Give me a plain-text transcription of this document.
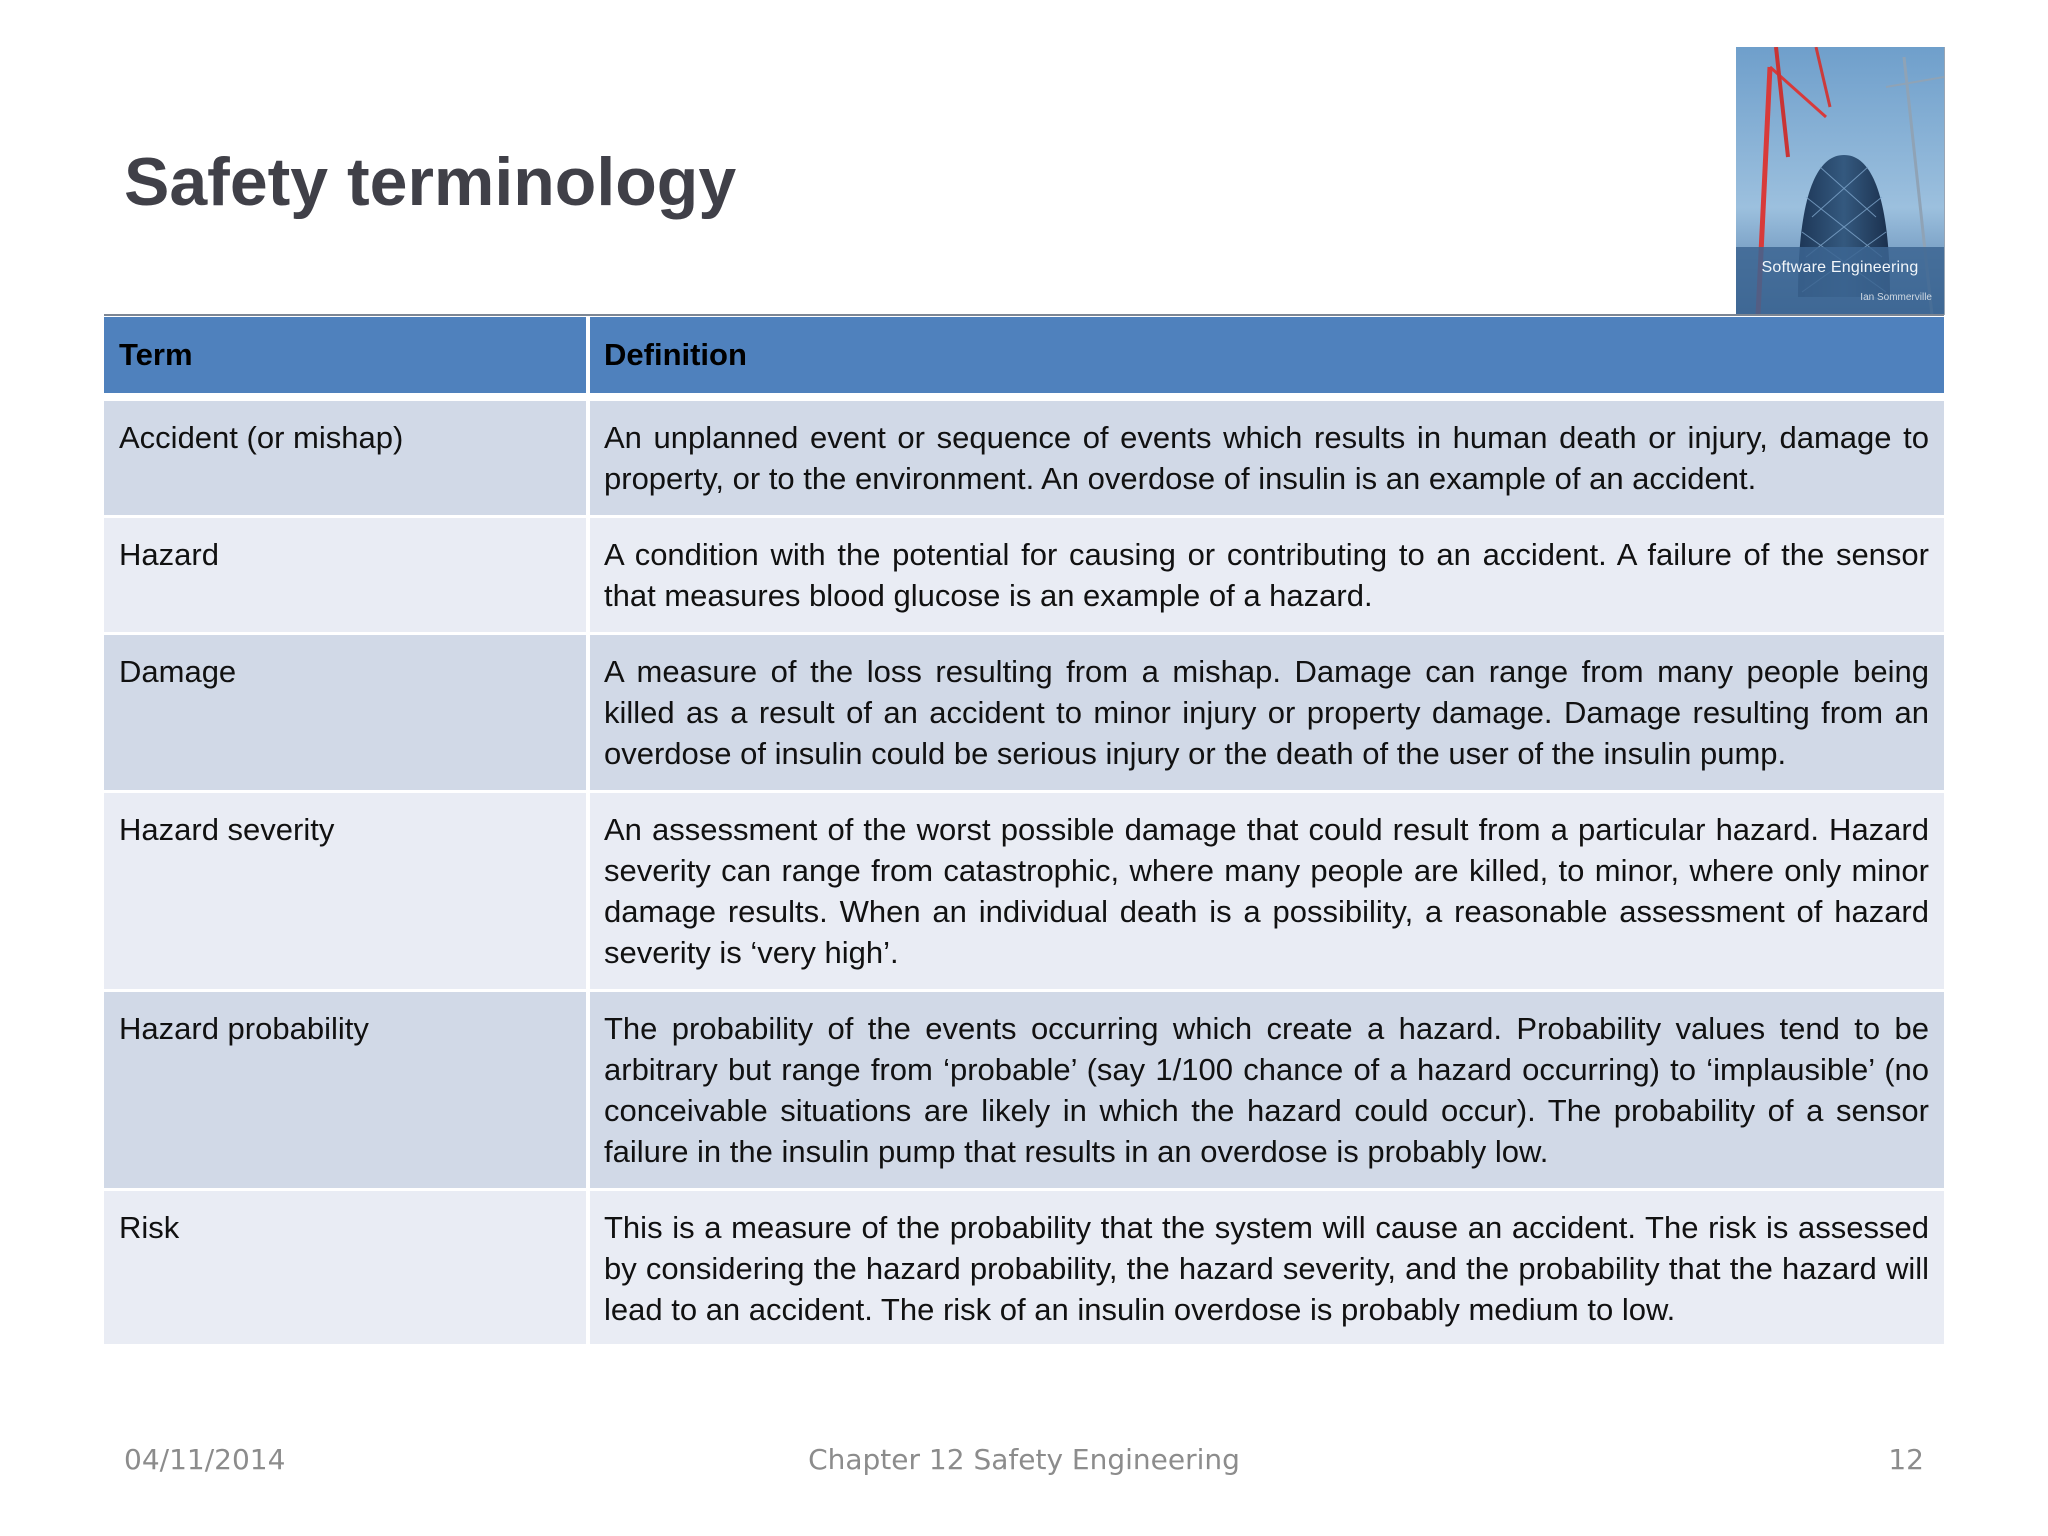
Safety terminology
Software Engineering
Ian Sommerville
Term	Definition
Accident (or mishap)	An unplanned event or sequence of events which results in human death or injury, damage to property, or to the environment. An overdose of insulin is an example of an accident.
Hazard	A condition with the potential for causing or contributing to an accident. A failure of the sensor that measures blood glucose is an example of a hazard.
Damage	A measure of the loss resulting from a mishap. Damage can range from many people being killed as a result of an accident to minor injury or property damage. Damage resulting from an overdose of insulin could be serious injury or the death of the user of the insulin pump.
Hazard severity	An assessment of the worst possible damage that could result from a particular hazard. Hazard severity can range from catastrophic, where many people are killed, to minor, where only minor damage results. When an individual death is a possibility, a reasonable assessment of hazard severity is ‘very high’.
Hazard probability	The probability of the events occurring which create a hazard. Probability values tend to be arbitrary but range from ‘probable’ (say 1/100 chance of a hazard occurring) to ‘implausible’ (no conceivable situations are likely in which the hazard could occur). The probability of a sensor failure in the insulin pump that results in an overdose is probably low.
Risk	This is a measure of the probability that the system will cause an accident. The risk is assessed by considering the hazard probability, the hazard severity, and the probability that the hazard will lead to an accident. The risk of an insulin overdose is probably medium to low.
04/11/2014	Chapter 12 Safety Engineering	12
